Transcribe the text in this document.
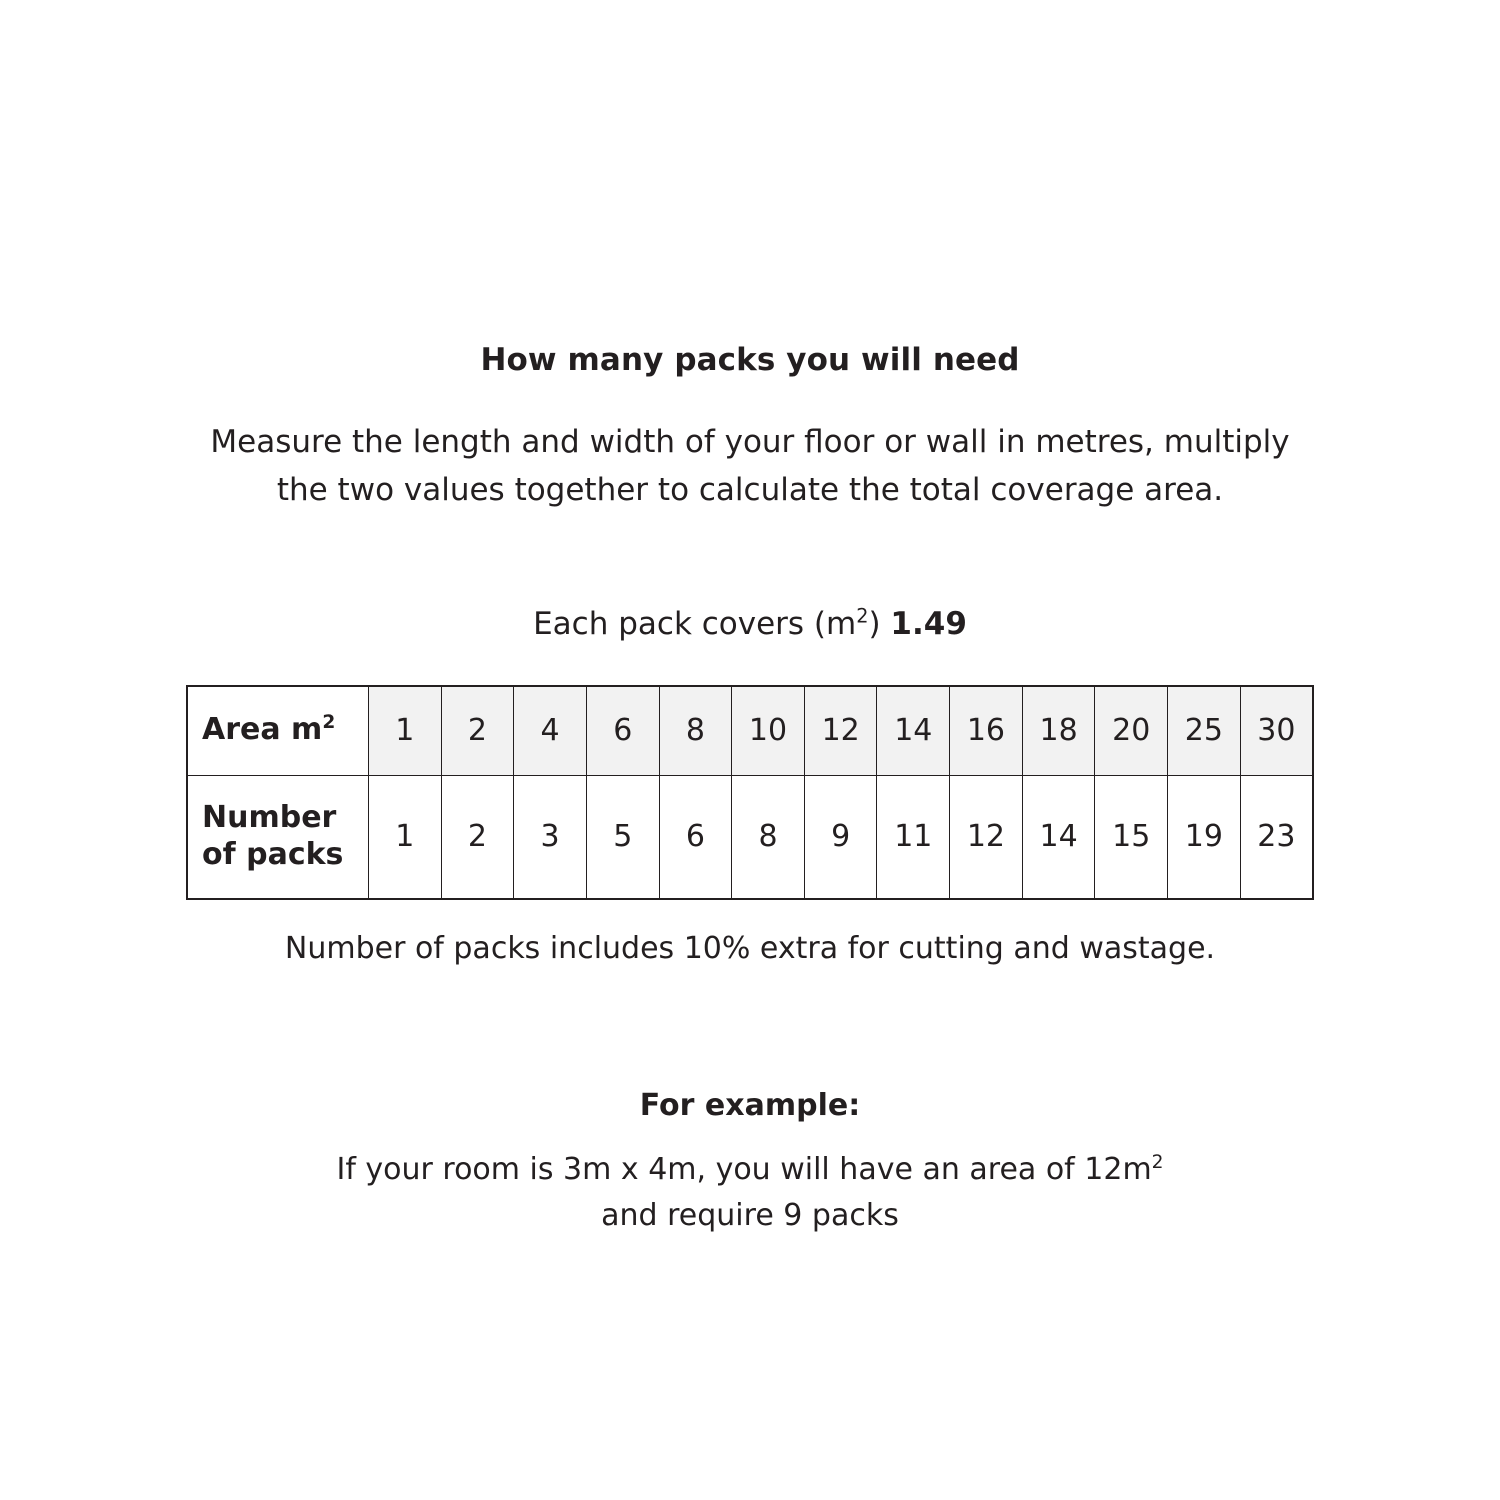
How many packs you will need
Measure the length and width of your floor or wall in metres, multiply the two values together to calculate the total coverage area.
Each pack covers $(m^2)$ 1.49
Area $m^2$	1	2	4	6	8	10	12	14	16	18	20	25	30
Number
of packs	1	2	3	5	6	8	9	11	12	14	15	19	23
Number of packs includes 10% extra for cutting and wastage.
For example:
If your room is 3m x 4m, you will have an area of $12m^2$
and require 9 packs
